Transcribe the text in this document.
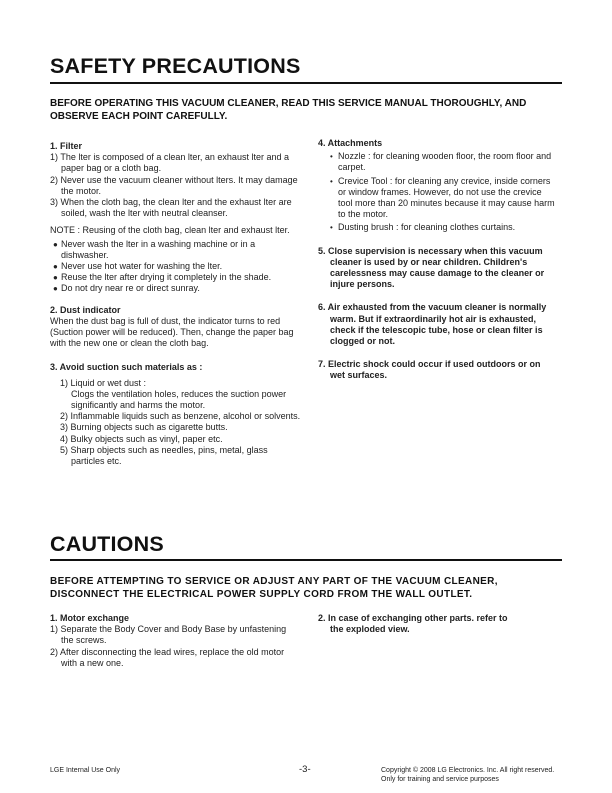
SAFETY PRECAUTIONS
BEFORE OPERATING THIS VACUUM CLEANER, READ THIS SERVICE MANUAL THOROUGHLY, AND
OBSERVE EACH POINT CAREFULLY.

1. Filter

1) The lter is composed of a clean lter, an exhaust lter and a paper bag or a cloth bag.

2) Never use the vacuum cleaner without lters. It may damage the motor.

3) When the cloth bag, the clean lter and the exhaust lter are soiled, wash the lter with neutral cleanser.

NOTE : Reusing of the cloth bag, clean lter and exhaust lter.

● Never wash the lter in a washing machine or in a dishwasher.

● Never use hot water for washing the lter.

● Reuse the lter after drying it completely in the shade.

● Do not dry near re or direct sunray.

2. Dust indicator

When the dust bag is full of dust, the indicator turns to red (Suction power will be reduced). Then, change the paper bag with the new one or clean the cloth bag.

3. Avoid suction such materials as :

1) Liquid or wet dust :

Clogs the ventilation holes, reduces the suction power significantly and harms the motor.

2) Inflammable liquids such as benzene, alcohol or solvents.

3) Burning objects such as cigarette butts.

4) Bulky objects such as vinyl, paper etc.

5) Sharp objects such as needles, pins, metal, glass particles etc.

4. Attachments

• Nozzle : for cleaning wooden floor, the room floor and carpet.

• Crevice Tool : for cleaning any crevice, inside corners or window frames. However, do not use the crevice tool more than 20 minutes because it may cause harm to the motor.

• Dusting brush : for cleaning clothes curtains.

5. Close supervision is necessary when this vacuum cleaner is used by or near children. Children's carelessness may cause damage to the cleaner or injure persons.

6. Air exhausted from the vacuum cleaner is normally warm. But if extraordinarily hot air is exhausted, check if the telescopic tube, hose or clean filter is clogged or not.

7. Electric shock could occur if used outdoors or on wet surfaces.

CAUTIONS
BEFORE ATTEMPTING TO SERVICE OR ADJUST ANY PART OF THE VACUUM CLEANER,
DISCONNECT THE ELECTRICAL POWER SUPPLY CORD FROM THE WALL OUTLET.

1. Motor exchange

1) Separate the Body Cover and Body Base by unfastening the screws.

2) After disconnecting the lead wires, replace the old motor with a new one.

2. In case of exchanging other parts. refer to the exploded view.

LGE Internal Use Only	-3-	Copyright © 2008 LG Electronics. Inc. All right reserved.
Only for training and service purposes
